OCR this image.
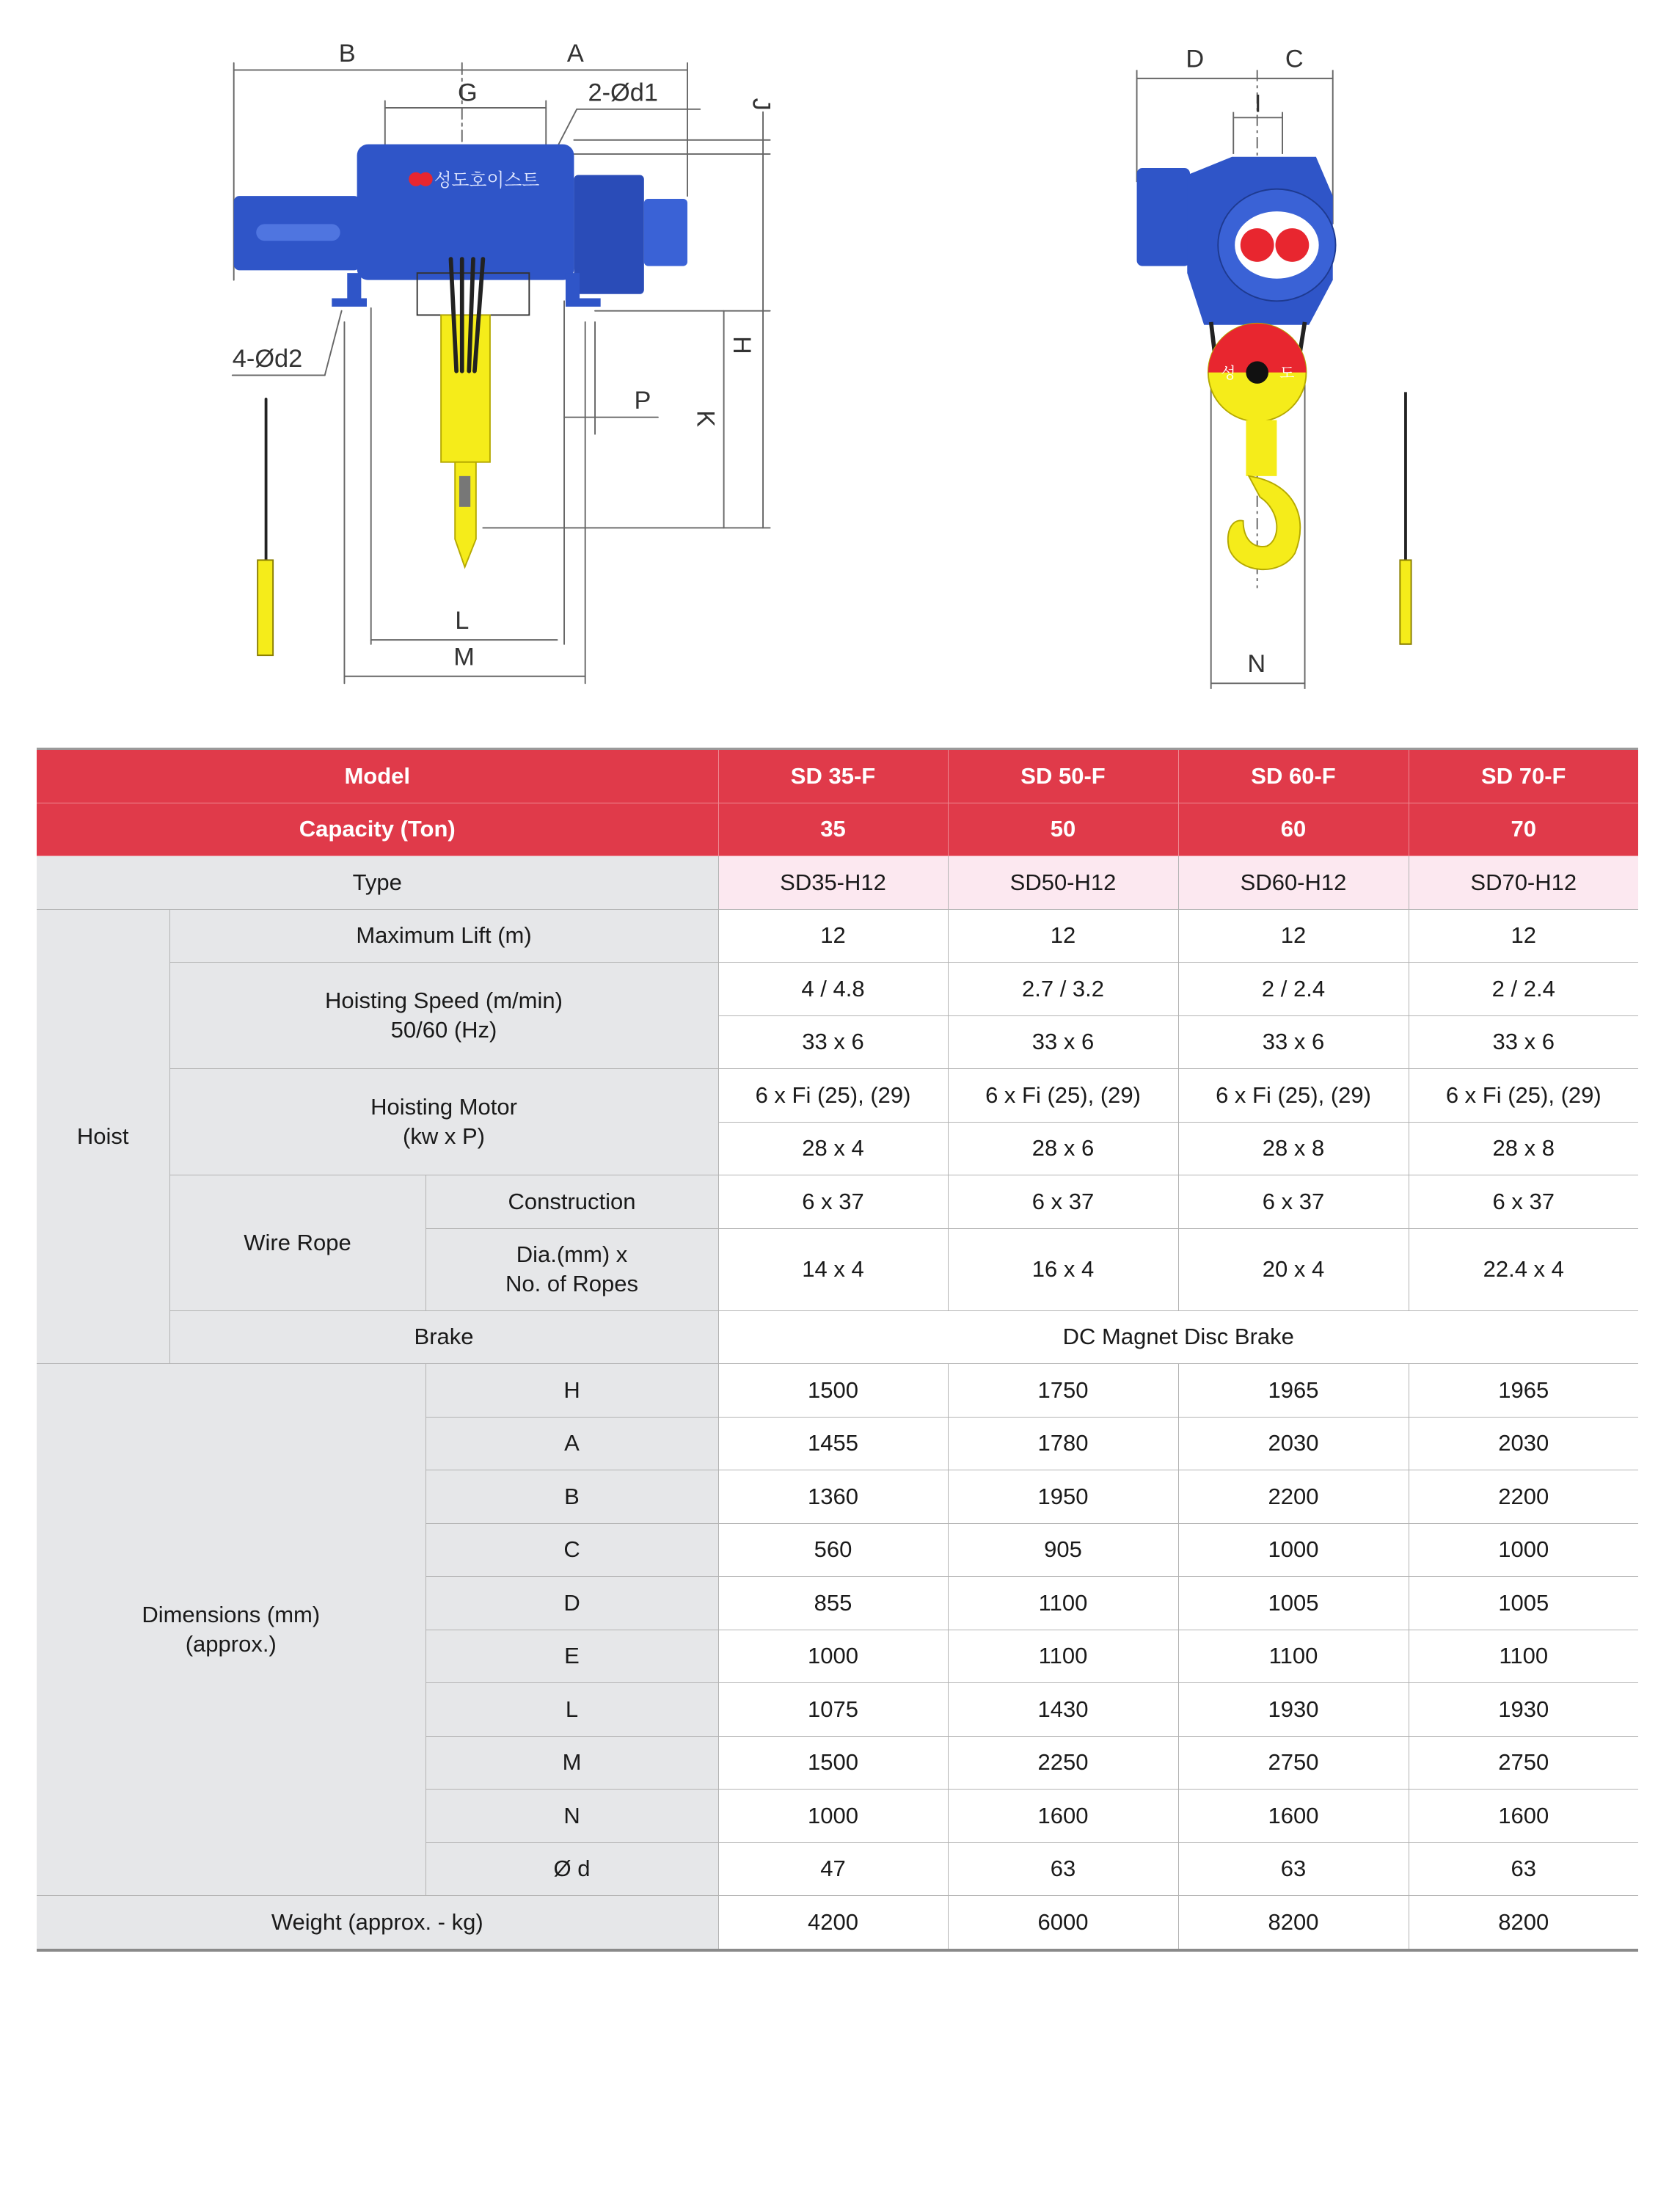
성도호이스트
B	A
G	2-Ød1	J
4-Ød2	H
K
P
L
M
성	도
D	C
I
N
Model			SD 35-F	SD 50-F	SD 60-F	SD 70-F
Capacity (Ton)			35	50	60	70
Type			SD35-H12	SD50-H12	SD60-H12	SD70-H12
Hoist	Maximum Lift (m)		12	12	12	12
	Hoisting Speed (m/min)
50/60 (Hz)		4 / 4.8	2.7 / 3.2	2 / 2.4	2 / 2.4
			33 x 6	33 x 6	33 x 6	33 x 6
	Hoisting Motor
(kw x P)		6 x Fi (25), (29)	6 x Fi (25), (29)	6 x Fi (25), (29)	6 x Fi (25), (29)
			28 x 4	28 x 6	28 x 8	28 x 8
	Wire Rope	Construction	6 x 37	6 x 37	6 x 37	6 x 37
		Dia.(mm) x
No. of Ropes	14 x 4	16 x 4	20 x 4	22.4 x 4
	Brake		DC Magnet Disc Brake			
Dimensions (mm)
(approx.)		H	1500	1750	1965	1965
		A	1455	1780	2030	2030
		B	1360	1950	2200	2200
		C	560	905	1000	1000
		D	855	1100	1005	1005
		E	1000	1100	1100	1100
		L	1075	1430	1930	1930
		M	1500	2250	2750	2750
		N	1000	1600	1600	1600
		Ø d	47	63	63	63
Weight (approx. - kg)			4200	6000	8200	8200
